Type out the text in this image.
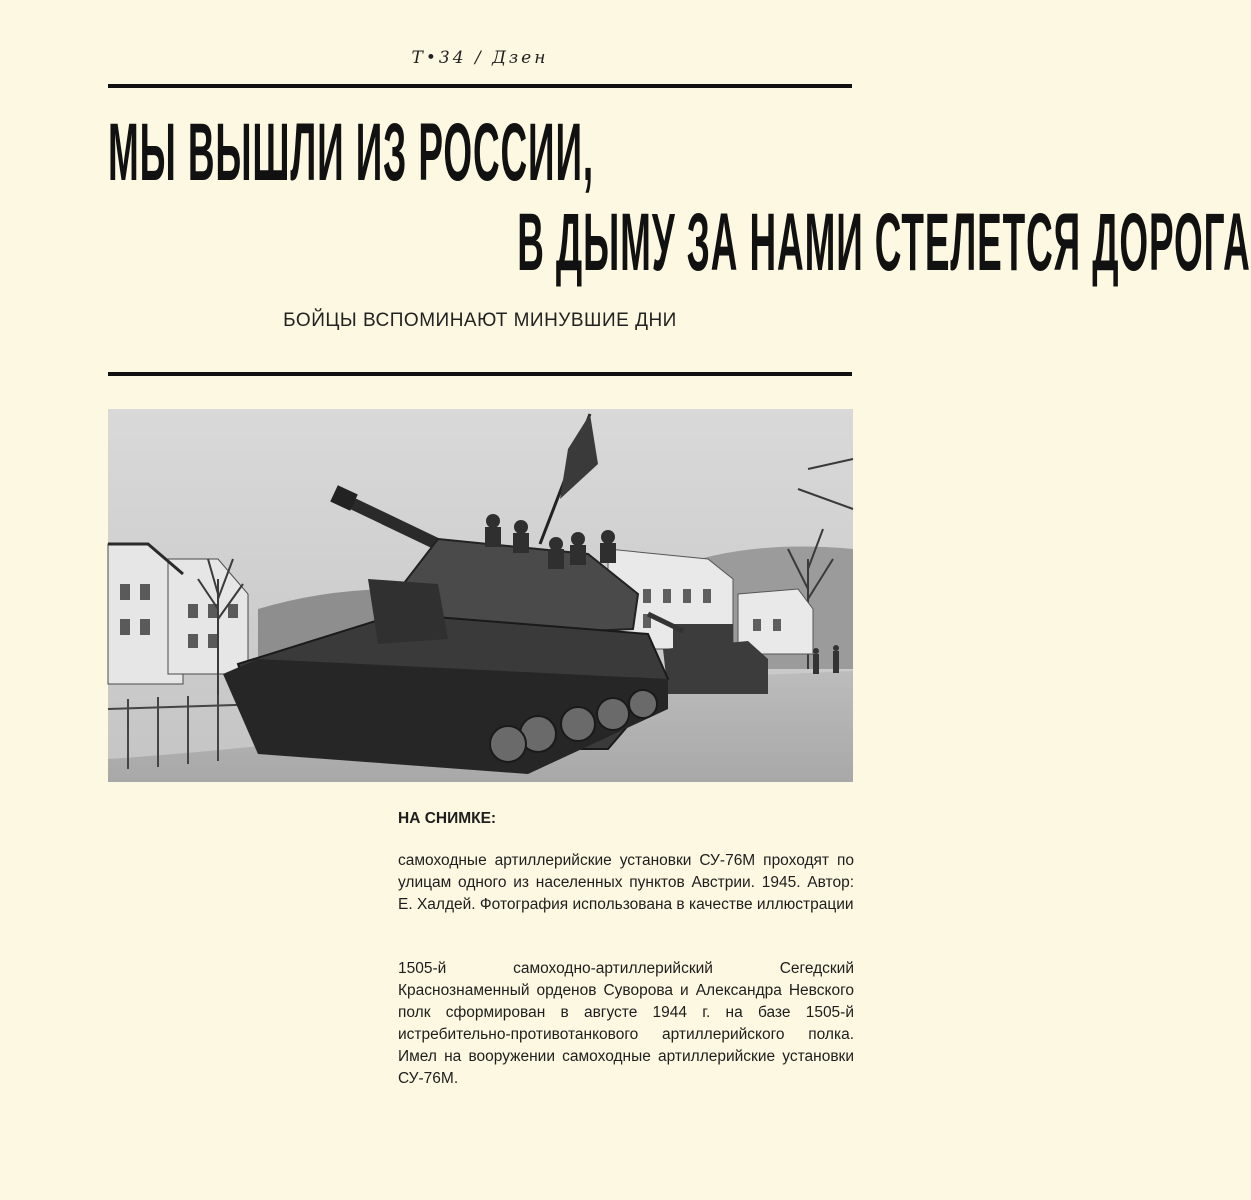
Т•34 / Дзен
МЫ ВЫШЛИ ИЗ РОССИИ,
В ДЫМУ ЗА НАМИ СТЕЛЕТСЯ ДОРОГА
БОЙЦЫ ВСПОМИНАЮТ МИНУВШИЕ ДНИ
НА СНИМКЕ:
самоходные артиллерийские установки СУ-76М проходят по улицам одного из населенных пунктов Австрии. 1945. Автор: Е. Халдей. Фотография использована в качестве иллюстрации
1505-й самоходно-артиллерийский Сегедский Краснознаменный орденов Суворова и Александра Невского полк сформирован в августе 1944 г. на базе 1505-й истребительно-противотанкового артиллерийского полка. Имел на вооружении самоходные артиллерийские установки СУ-76М.
